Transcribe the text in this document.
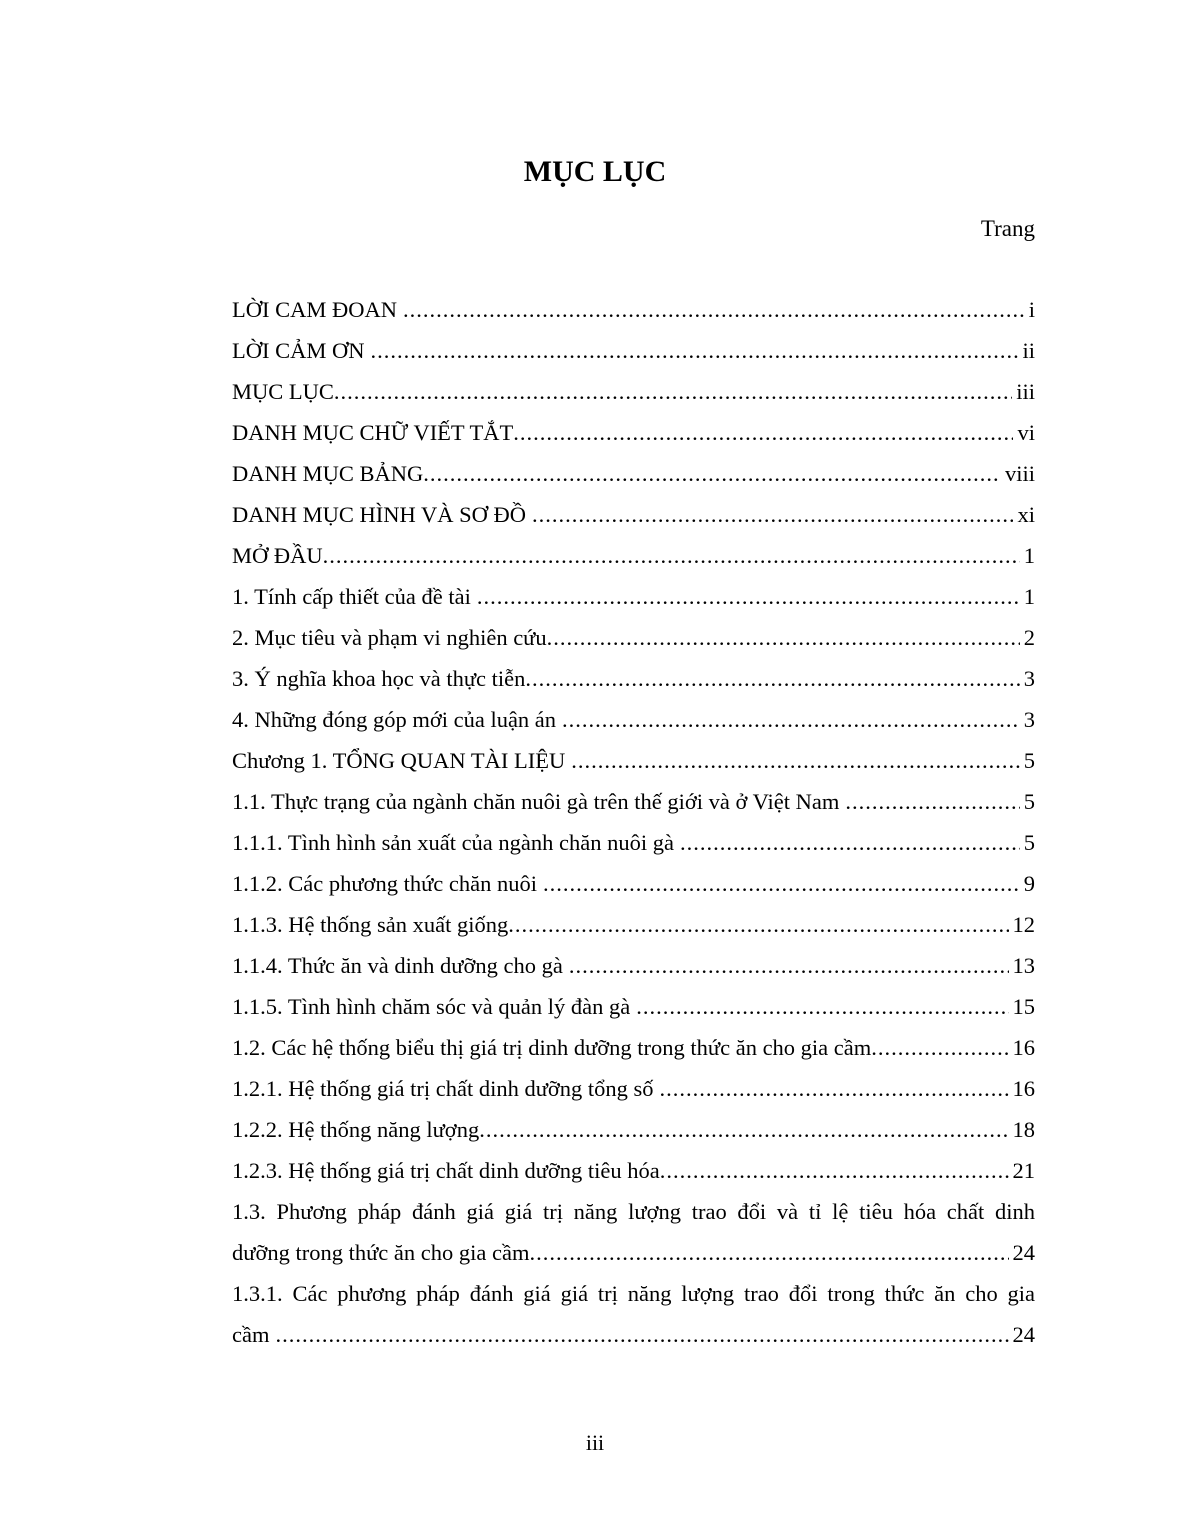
MỤC LỤC
Trang
LỜI CAM ĐOAN .....	i
LỜI CẢM ƠN .....	ii
MỤC LỤC .....	iii
DANH MỤC CHỮ VIẾT TẮT .....	vi
DANH MỤC BẢNG .....	viii
DANH MỤC HÌNH VÀ SƠ ĐỒ .....	xi
MỞ ĐẦU .....	1
1. Tính cấp thiết của đề tài .....	1
2. Mục tiêu và phạm vi nghiên cứu .....	2
3. Ý nghĩa khoa học và thực tiễn .....	3
4. Những đóng góp mới của luận án .....	3
Chương 1. TỔNG QUAN TÀI LIỆU .....	5
1.1. Thực trạng của ngành chăn nuôi gà trên thế giới và ở Việt Nam .....	5
1.1.1. Tình hình sản xuất của ngành chăn nuôi gà .....	5
1.1.2. Các phương thức chăn nuôi .....	9
1.1.3. Hệ thống sản xuất giống .....	12
1.1.4. Thức ăn và dinh dưỡng cho gà .....	13
1.1.5. Tình hình chăm sóc và quản lý đàn gà .....	15
1.2. Các hệ thống biểu thị giá trị dinh dưỡng trong thức ăn cho gia cầm .....	16
1.2.1. Hệ thống giá trị chất dinh dưỡng tổng số .....	16
1.2.2. Hệ thống năng lượng .....	18
1.2.3. Hệ thống giá trị chất dinh dưỡng tiêu hóa .....	21
1.3. Phương pháp đánh giá giá trị năng lượng trao đổi và tỉ lệ tiêu hóa chất dinh
dưỡng trong thức ăn cho gia cầm .....	24
1.3.1. Các phương pháp đánh giá giá trị năng lượng trao đổi trong thức ăn cho gia
cầm .....	24
iii
